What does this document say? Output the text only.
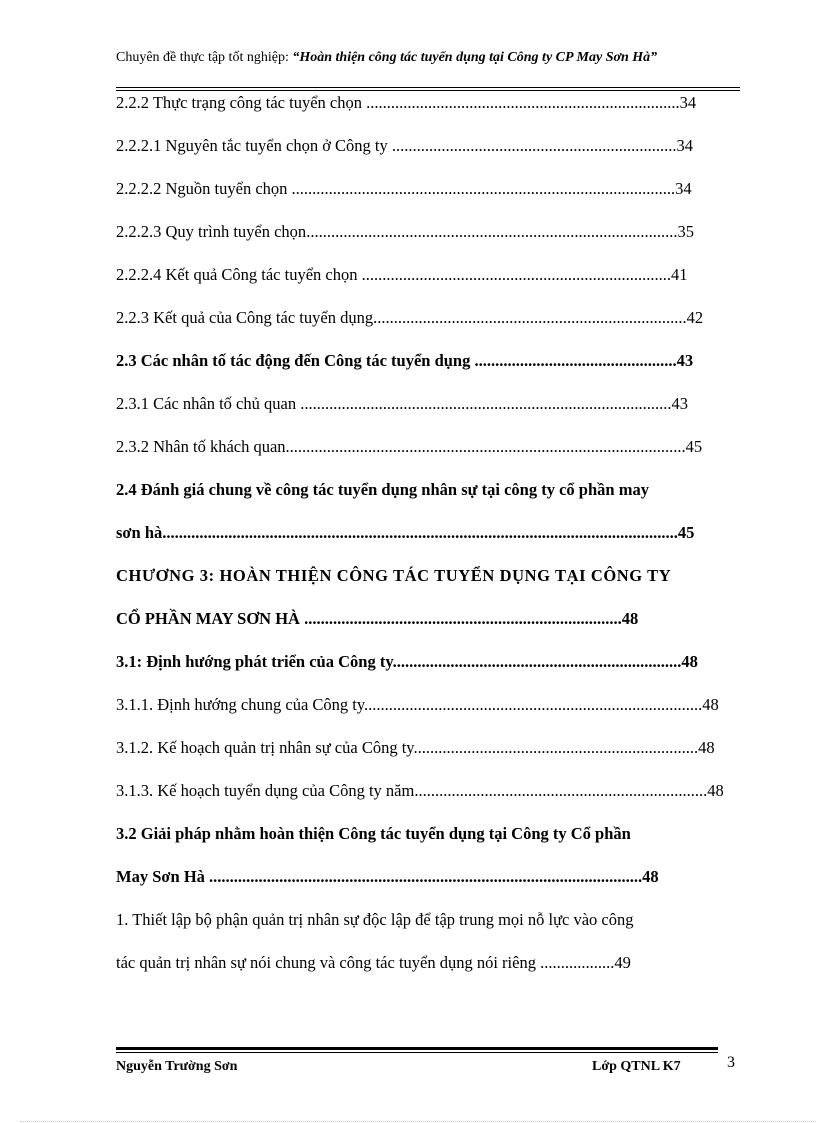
Chuyên đề thực tập tốt nghiệp: “Hoàn thiện công tác tuyển dụng tại Công ty CP May Sơn Hà”
2.2.2 Thực trạng công tác tuyển chọn ............................................................................34
2.2.2.1 Nguyên tắc tuyển chọn ở Công ty .....................................................................34
2.2.2.2 Nguồn tuyển chọn .............................................................................................34
2.2.2.3 Quy trình tuyển chọn..........................................................................................35
2.2.2.4 Kết quả Công tác tuyển chọn ...........................................................................41
2.2.3 Kết quả của Công tác tuyển dụng............................................................................42
2.3 Các nhân tố tác động đến Công tác tuyển dụng .................................................43
2.3.1 Các nhân tố chủ quan ..........................................................................................43
2.3.2 Nhân tố khách quan.................................................................................................45
2.4 Đánh giá chung về công tác tuyển dụng nhân sự tại công ty cổ phần may
sơn hà.............................................................................................................................45
CHƯƠNG 3: HOÀN THIỆN CÔNG TÁC TUYỂN DỤNG TẠI CÔNG TY
CỔ PHẦN MAY SƠN HÀ .............................................................................48
3.1: Định hướng phát triển của Công ty......................................................................48
3.1.1. Định hướng chung của Công ty..................................................................................48
3.1.2. Kế hoạch quản trị nhân sự của Công ty.....................................................................48
3.1.3. Kế hoạch tuyển dụng của Công ty năm.......................................................................48
3.2 Giải pháp nhằm hoàn thiện Công tác tuyển dụng tại Công ty Cổ phần
May Sơn Hà .........................................................................................................48
1. Thiết lập bộ phận quản trị nhân sự độc lập để tập trung mọi nỗ lực vào công
tác quản trị nhân sự nói chung và công tác tuyển dụng nói riêng ..................49
Nguyễn Trường Sơn	Lớp QTNL K7	3
